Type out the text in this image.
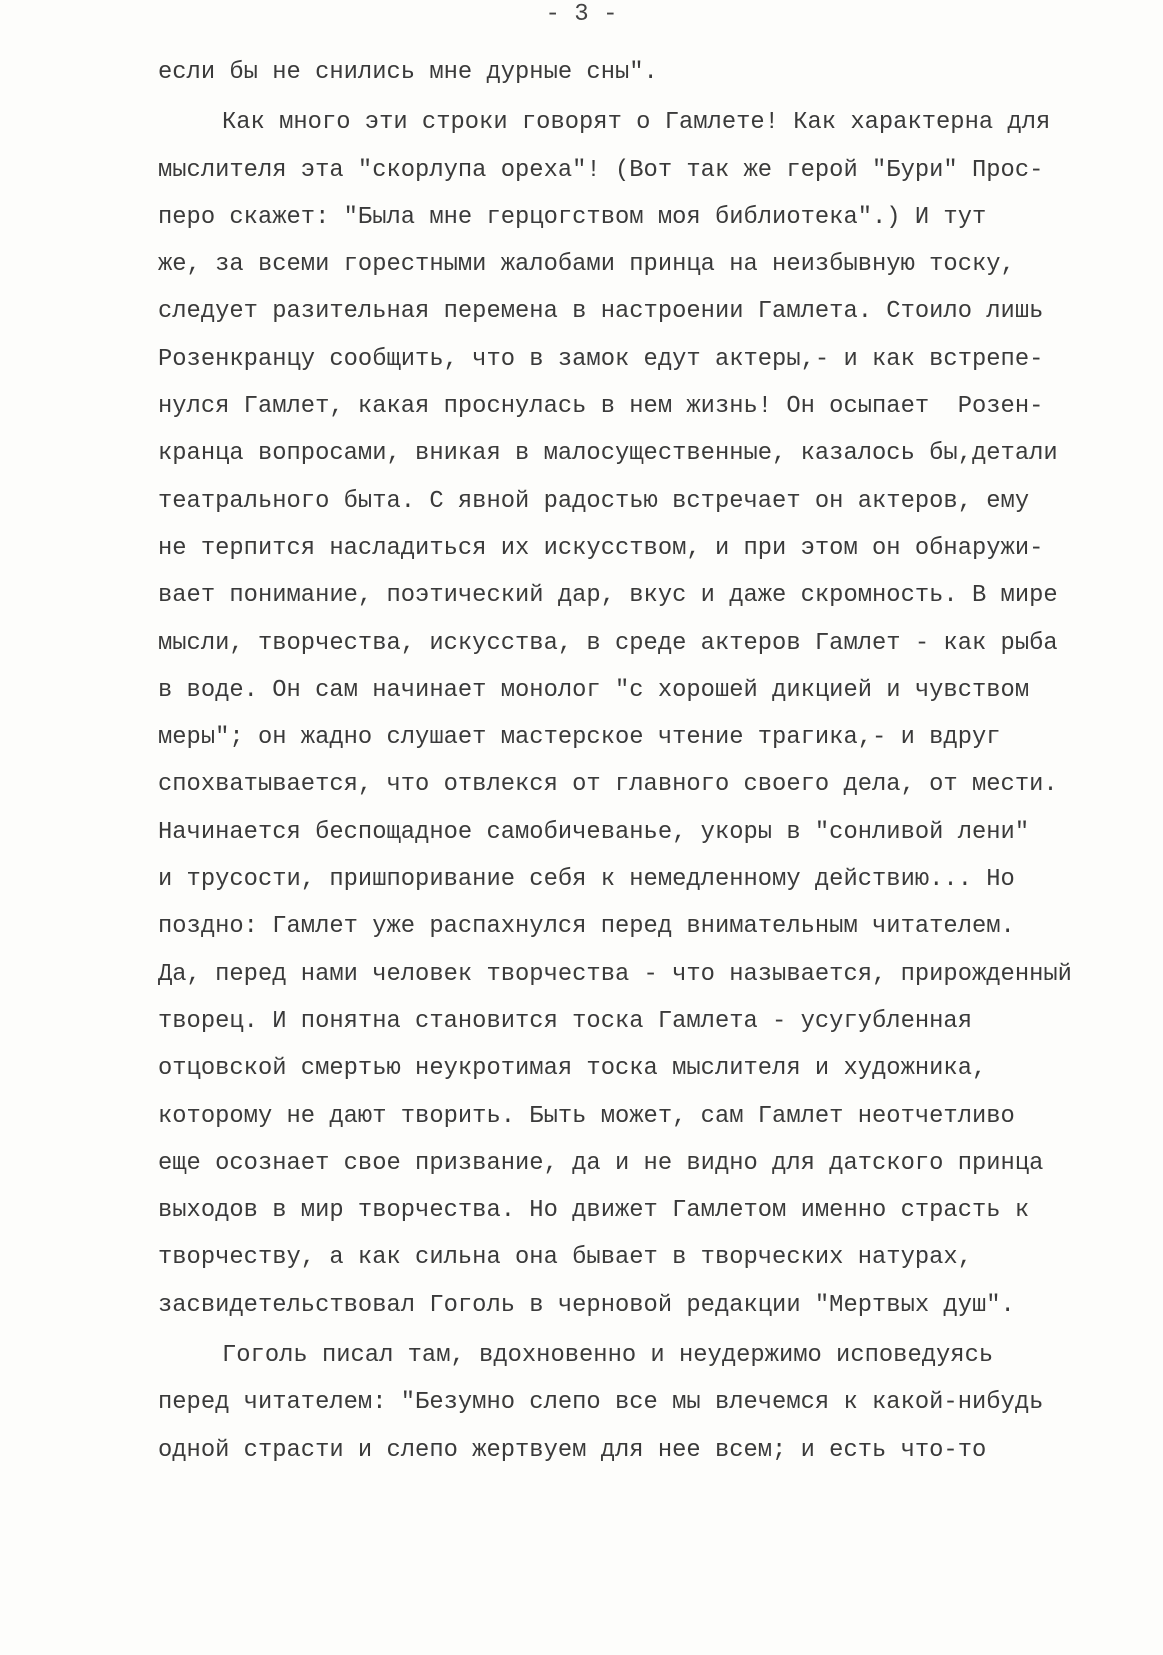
- 3 -
если бы не снились мне дурные сны".
Как много эти строки говорят о Гамлете! Как характерна для
мыслителя эта "скорлупа ореха"! (Вот так же герой "Бури" Прос-
перо скажет: "Была мне герцогством моя библиотека".) И тут
же, за всеми горестными жалобами принца на неизбывную тоску,
следует разительная перемена в настроении Гамлета. Стоило лишь
Розенкранцу сообщить, что в замок едут актеры,- и как встрепе-
нулся Гамлет, какая проснулась в нем жизнь! Он осыпает  Розен-
кранца вопросами, вникая в малосущественные, казалось бы,детали
театрального быта. С явной радостью встречает он актеров, ему
не терпится насладиться их искусством, и при этом он обнаружи-
вает понимание, поэтический дар, вкус и даже скромность. В мире
мысли, творчества, искусства, в среде актеров Гамлет - как рыба
в воде. Он сам начинает монолог "с хорошей дикцией и чувством
меры"; он жадно слушает мастерское чтение трагика,- и вдруг
спохватывается, что отвлекся от главного своего дела, от мести.
Начинается беспощадное самобичеванье, укоры в "сонливой лени"
и трусости, пришпоривание себя к немедленному действию... Но
поздно: Гамлет уже распахнулся перед внимательным читателем.
Да, перед нами человек творчества - что называется, прирожденный
творец. И понятна становится тоска Гамлета - усугубленная
отцовской смертью неукротимая тоска мыслителя и художника,
которому не дают творить. Быть может, сам Гамлет неотчетливо
еще осознает свое призвание, да и не видно для датского принца
выходов в мир творчества. Но движет Гамлетом именно страсть к
творчеству, а как сильна она бывает в творческих натурах,
засвидетельствовал Гоголь в черновой редакции "Мертвых душ".
Гоголь писал там, вдохновенно и неудержимо исповедуясь
перед читателем: "Безумно слепо все мы влечемся к какой-нибудь
одной страсти и слепо жертвуем для нее всем; и есть что-то
